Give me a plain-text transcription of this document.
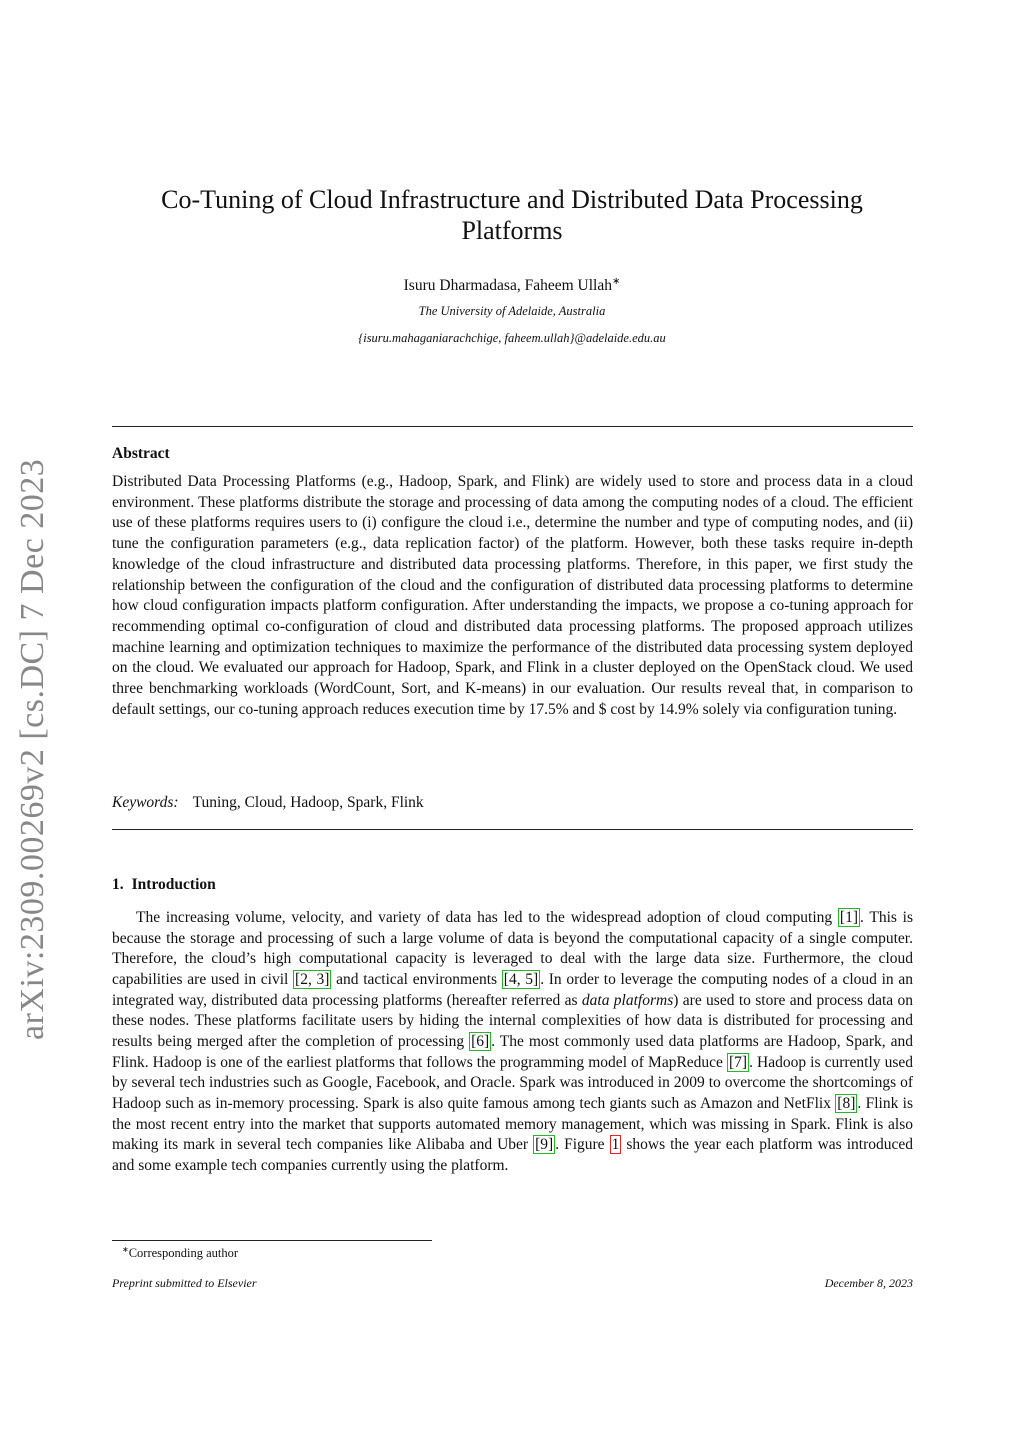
arXiv:2309.00269v2 [cs.DC] 7 Dec 2023
Co-Tuning of Cloud Infrastructure and Distributed Data Processing Platforms
Isuru Dharmadasa, Faheem Ullah∗
The University of Adelaide, Australia
{isuru.mahaganiarachchige, faheem.ullah}@adelaide.edu.au
Abstract

Distributed Data Processing Platforms (e.g., Hadoop, Spark, and Flink) are widely used to store and process data in a cloud environment. These platforms distribute the storage and processing of data among the computing nodes of a cloud. The efficient use of these platforms requires users to (i) configure the cloud i.e., determine the number and type of computing nodes, and (ii) tune the configuration parameters (e.g., data replication factor) of the platform. However, both these tasks require in-depth knowledge of the cloud infrastructure and distributed data processing platforms. Therefore, in this paper, we first study the relationship between the configuration of the cloud and the configuration of distributed data processing platforms to determine how cloud configuration impacts platform configuration. After understanding the impacts, we propose a co-tuning approach for recommending optimal co-configuration of cloud and distributed data processing platforms. The proposed approach utilizes machine learning and optimization techniques to maximize the performance of the distributed data processing system deployed on the cloud. We evaluated our approach for Hadoop, Spark, and Flink in a cluster deployed on the OpenStack cloud. We used three benchmarking workloads (WordCount, Sort, and K-means) in our evaluation. Our results reveal that, in comparison to default settings, our co-tuning approach reduces execution time by 17.5% and $ cost by 14.9% solely via configuration tuning.

Keywords: Tuning, Cloud, Hadoop, Spark, Flink
1. Introduction

The increasing volume, velocity, and variety of data has led to the widespread adoption of cloud computing [1] . This is because the storage and processing of such a large volume of data is beyond the computational capacity of a single computer. Therefore, the cloud’s high computational capacity is leveraged to deal with the large data size. Furthermore, the cloud capabilities are used in civil [2, 3] and tactical environments [4, 5] . In order to leverage the computing nodes of a cloud in an integrated way, distributed data processing platforms (hereafter referred as data platforms) are used to store and process data on these nodes. These platforms facilitate users by hiding the internal complexities of how data is distributed for processing and results being merged after the completion of processing [6] . The most commonly used data platforms are Hadoop, Spark, and Flink. Hadoop is one of the earliest platforms that follows the programming model of MapReduce [7] . Hadoop is currently used by several tech industries such as Google, Facebook, and Oracle. Spark was introduced in 2009 to overcome the shortcomings of Hadoop such as in-memory processing. Spark is also quite famous among tech giants such as Amazon and NetFlix [8] . Flink is the most recent entry into the market that supports automated memory management, which was missing in Spark. Flink is also making its mark in several tech companies like Alibaba and Uber [9] . Figure 1 shows the year each platform was introduced and some example tech companies currently using the platform.

∗Corresponding author
Preprint submitted to Elsevier	December 8, 2023
